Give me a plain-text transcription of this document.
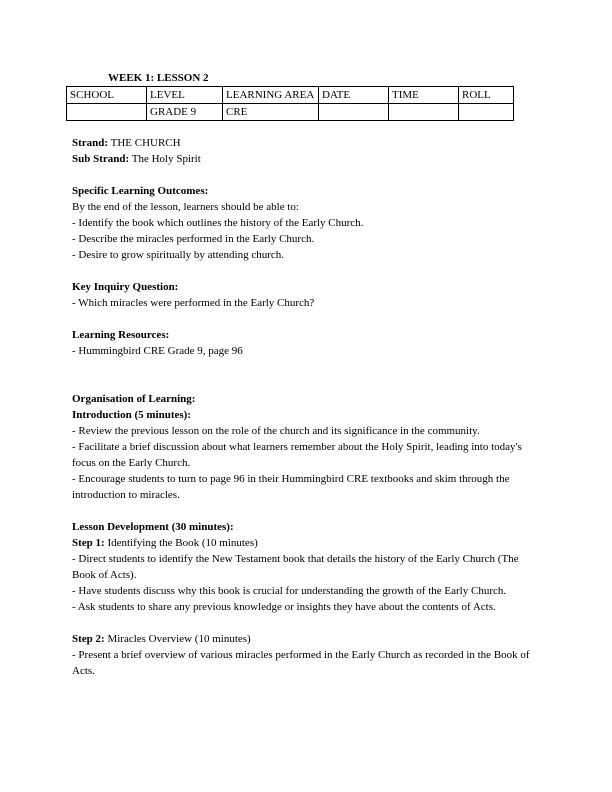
WEEK 1: LESSON 2
SCHOOL	LEVEL	LEARNING AREA	DATE	TIME	ROLL
	GRADE 9	CRE			

Strand: THE CHURCH

Sub Strand: The Holy Spirit

Specific Learning Outcomes:

By the end of the lesson, learners should be able to:

- Identify the book which outlines the history of the Early Church.

- Describe the miracles performed in the Early Church.

- Desire to grow spiritually by attending church.

Key Inquiry Question:

- Which miracles were performed in the Early Church?

Learning Resources:

- Hummingbird CRE Grade 9, page 96

Organisation of Learning:

Introduction (5 minutes):

- Review the previous lesson on the role of the church and its significance in the community.

- Facilitate a brief discussion about what learners remember about the Holy Spirit, leading into today's focus on the Early Church.

- Encourage students to turn to page 96 in their Hummingbird CRE textbooks and skim through the introduction to miracles.

Lesson Development (30 minutes):

Step 1: Identifying the Book (10 minutes)

- Direct students to identify the New Testament book that details the history of the Early Church (The Book of Acts).

- Have students discuss why this book is crucial for understanding the growth of the Early Church.

- Ask students to share any previous knowledge or insights they have about the contents of Acts.

Step 2: Miracles Overview (10 minutes)

- Present a brief overview of various miracles performed in the Early Church as recorded in the Book of Acts.
